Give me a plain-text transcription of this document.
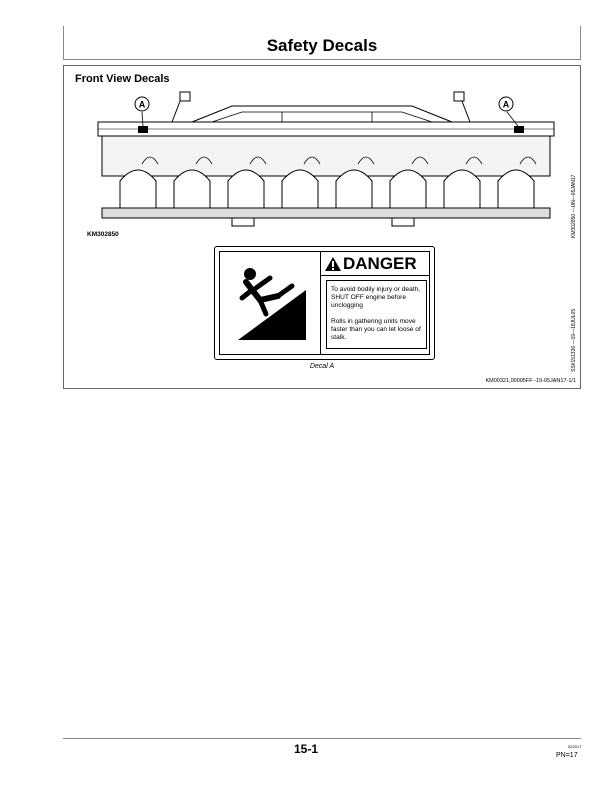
Safety Decals
Front View Decals
A	A
KM302850	KM302850 —UN—05JAN17
DANGER
To avoid bodily injury or death, SHUT OFF engine before unclogging
Rolls in gathering units move faster than you can let loose of stalk.	SS#151336 —19—18JUL05
Decal A
KM00321,00005FF -19-05JAN17-1/1
15-1	022017
PN=17
